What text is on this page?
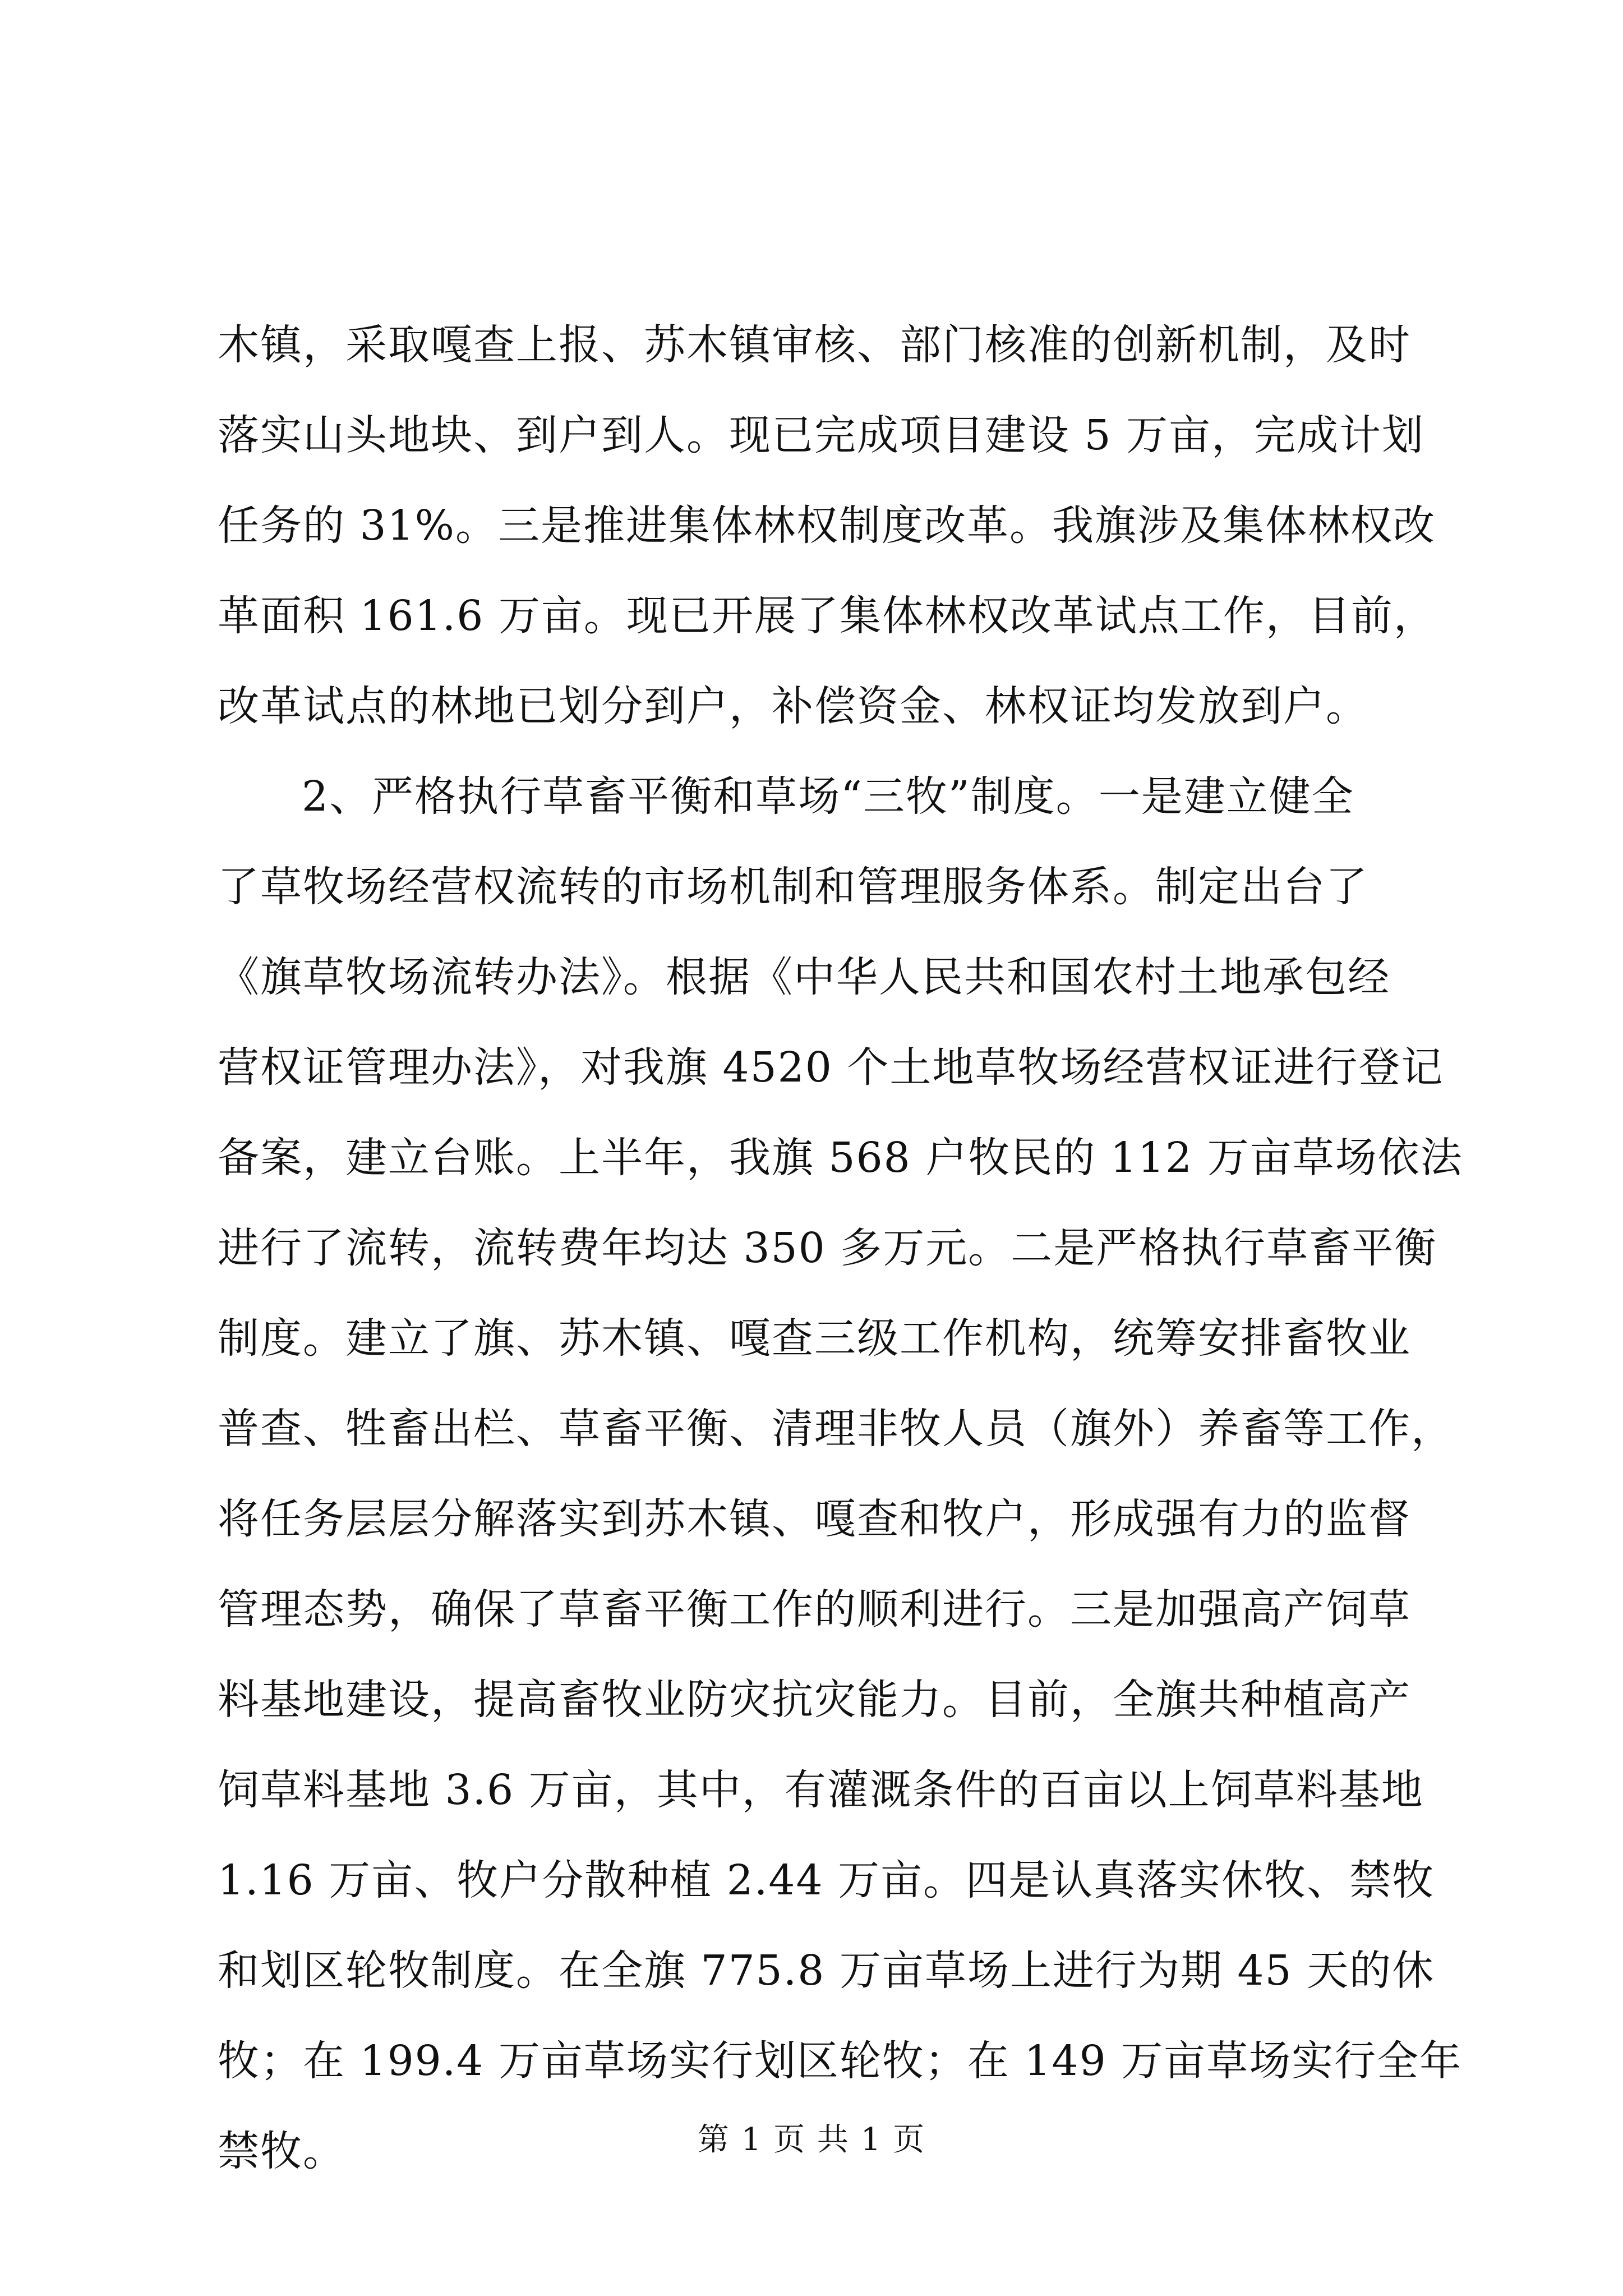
木镇，采取嘎查上报、苏木镇审核、部门核准的创新机制，及时
落实山头地块、到户到人。现已完成项目建设 5 万亩，完成计划
任务的 31%。三是推进集体林权制度改革。我旗涉及集体林权改
革面积 161.6 万亩。现已开展了集体林权改革试点工作，目前，
改革试点的林地已划分到户，补偿资金、林权证均发放到户。
2、严格执行草畜平衡和草场“三牧”制度。一是建立健全
了草牧场经营权流转的市场机制和管理服务体系。制定出台了
《旗草牧场流转办法》。根据《中华人民共和国农村土地承包经
营权证管理办法》，对我旗 4520 个土地草牧场经营权证进行登记
备案，建立台账。上半年，我旗 568 户牧民的 112 万亩草场依法
进行了流转，流转费年均达 350 多万元。二是严格执行草畜平衡
制度。建立了旗、苏木镇、嘎查三级工作机构，统筹安排畜牧业
普查、牲畜出栏、草畜平衡、清理非牧人员（旗外）养畜等工作，
将任务层层分解落实到苏木镇、嘎查和牧户，形成强有力的监督
管理态势，确保了草畜平衡工作的顺利进行。三是加强高产饲草
料基地建设，提高畜牧业防灾抗灾能力。目前，全旗共种植高产
饲草料基地 3.6 万亩，其中，有灌溉条件的百亩以上饲草料基地
1.16 万亩、牧户分散种植 2.44 万亩。四是认真落实休牧、禁牧
和划区轮牧制度。在全旗 775.8 万亩草场上进行为期 45 天的休
牧；在 199.4 万亩草场实行划区轮牧；在 149 万亩草场实行全年
禁牧。	第 1 页 共 1 页
